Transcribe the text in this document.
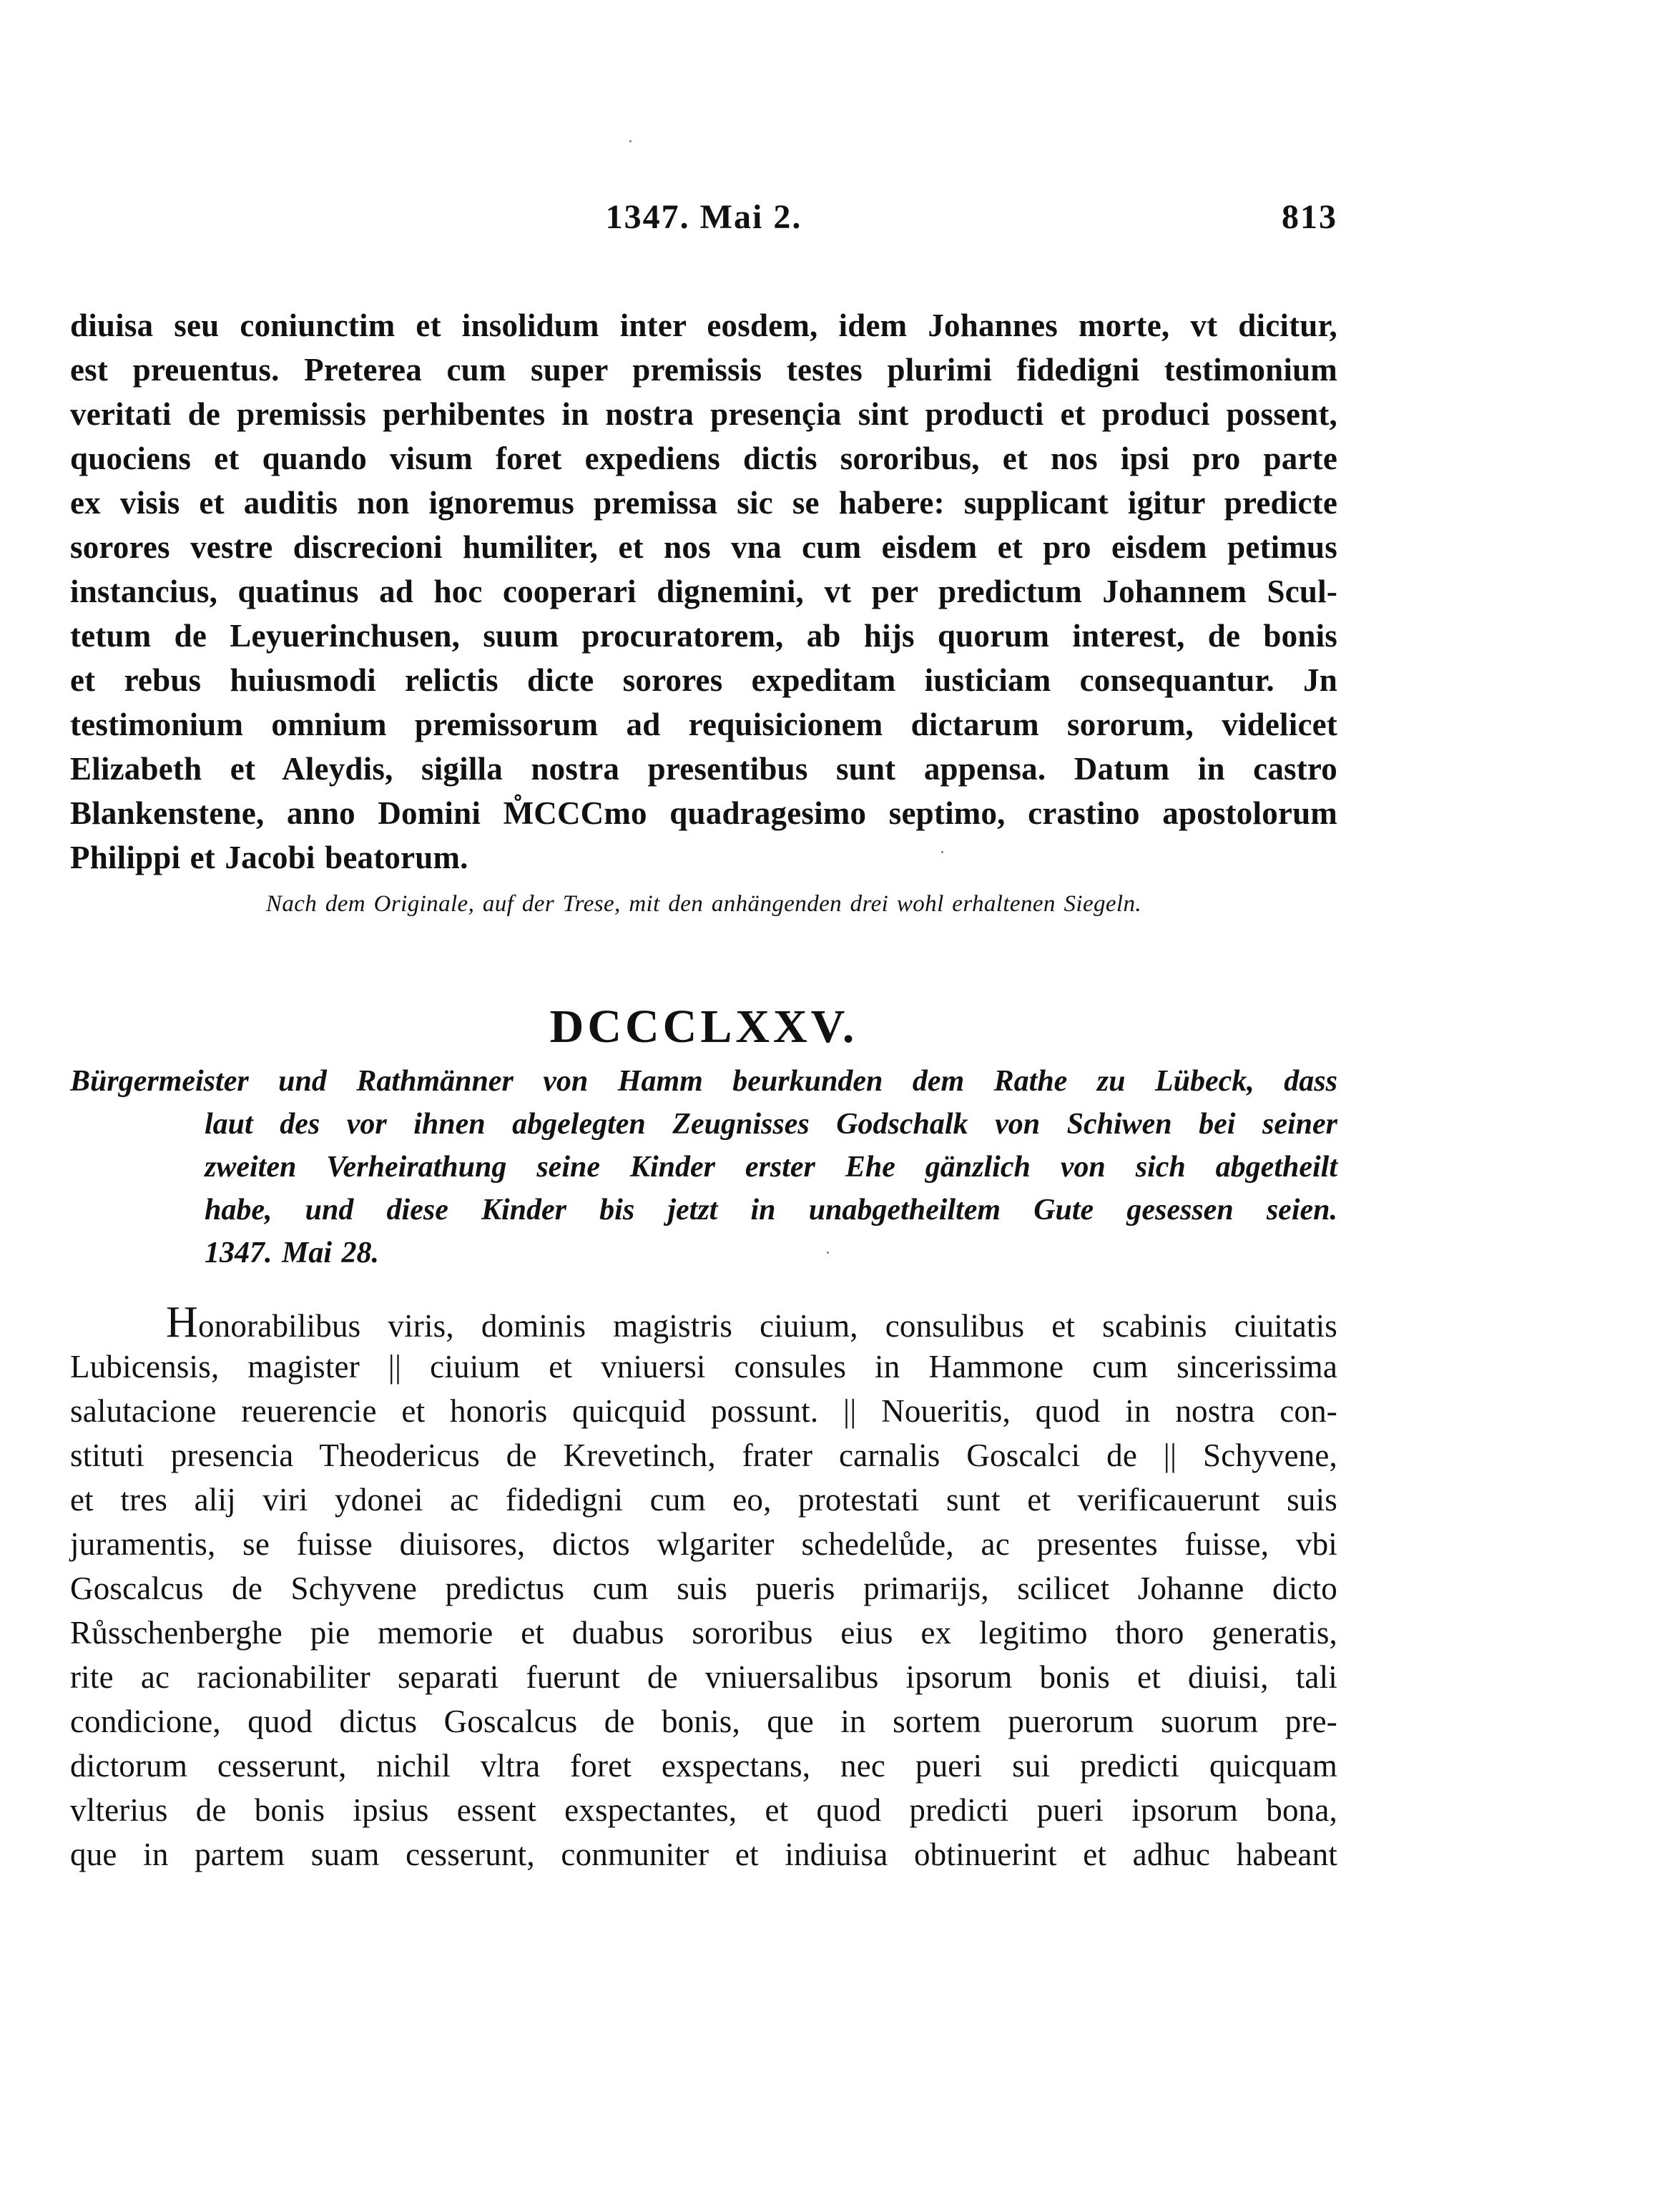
1347. Mai 2.	813
diuisa seu coniunctim et insolidum inter eosdem, idem Johannes morte, vt dicitur,
est preuentus. Preterea cum super premissis testes plurimi fidedigni testimonium
veritati de premissis perhibentes in nostra presençia sint producti et produci possent,
quociens et quando visum foret expediens dictis sororibus, et nos ipsi pro parte
ex visis et auditis non ignoremus premissa sic se habere: supplicant igitur predicte
sorores vestre discrecioni humiliter, et nos vna cum eisdem et pro eisdem petimus
instancius, quatinus ad hoc cooperari dignemini, vt per predictum Johannem Scul-
tetum de Leyuerinchusen, suum procuratorem, ab hijs quorum interest, de bonis
et rebus huiusmodi relictis dicte sorores expeditam iusticiam consequantur. Jn
testimonium omnium premissorum ad requisicionem dictarum sororum, videlicet
Elizabeth et Aleydis, sigilla nostra presentibus sunt appensa. Datum in castro
Blankenstene, anno Domini M̊CCCmo quadragesimo septimo, crastino apostolorum
Philippi et Jacobi beatorum.
Nach dem Originale, auf der Trese, mit den anhängenden drei wohl erhaltenen Siegeln.
DCCCLXXV.
Bürgermeister und Rathmänner von Hamm beurkunden dem Rathe zu Lübeck, dass
laut des vor ihnen abgelegten Zeugnisses Godschalk von Schiwen bei seiner
zweiten Verheirathung seine Kinder erster Ehe gänzlich von sich abgetheilt
habe, und diese Kinder bis jetzt in unabgetheiltem Gute gesessen seien.
1347. Mai 28.
Honorabilibus viris, dominis magistris ciuium, consulibus et scabinis ciuitatis
Lubicensis, magister || ciuium et vniuersi consules in Hammone cum sincerissima
salutacione reuerencie et honoris quicquid possunt. || Noueritis, quod in nostra con-
stituti presencia Theodericus de Krevetinch, frater carnalis Goscalci de || Schyvene,
et tres alij viri ydonei ac fidedigni cum eo, protestati sunt et verificauerunt suis
juramentis, se fuisse diuisores, dictos wlgariter schedelůde, ac presentes fuisse, vbi
Goscalcus de Schyvene predictus cum suis pueris primarijs, scilicet Johanne dicto
Růsschenberghe pie memorie et duabus sororibus eius ex legitimo thoro generatis,
rite ac racionabiliter separati fuerunt de vniuersalibus ipsorum bonis et diuisi, tali
condicione, quod dictus Goscalcus de bonis, que in sortem puerorum suorum pre-
dictorum cesserunt, nichil vltra foret exspectans, nec pueri sui predicti quicquam
vlterius de bonis ipsius essent exspectantes, et quod predicti pueri ipsorum bona,
que in partem suam cesserunt, conmuniter et indiuisa obtinuerint et adhuc habeant
